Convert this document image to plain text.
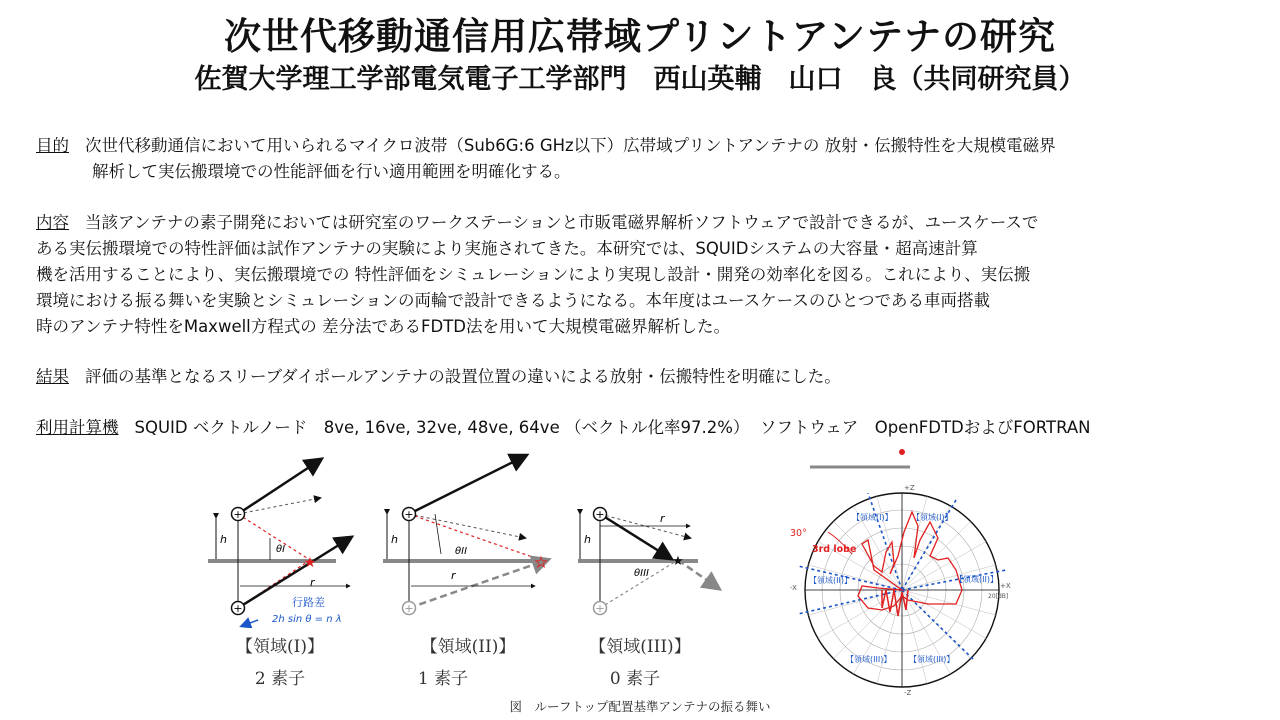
次世代移動通信用広帯域プリントアンテナの研究
佐賀大学理工学部電気電子工学部門　西山英輔　山口　良（共同研究員）
目的 次世代移動通信において用いられるマイクロ波帯（Sub6G:6 GHz以下）広帯域プリントアンテナの 放射・伝搬特性を大規模電磁界
解析して実伝搬環境での性能評価を行い適用範囲を明確化する。
内容 当該アンテナの素子開発においては研究室のワークステーションと市販電磁界解析ソフトウェアで設計できるが、ユースケースで
ある実伝搬環境での特性評価は試作アンテナの実験により実施されてきた。本研究では、SQUIDシステムの大容量・超高速計算
機を活用することにより、実伝搬環境での 特性評価をシミュレーションにより実現し設計・開発の効率化を図る。これにより、実伝搬
環境における振る舞いを実験とシミュレーションの両輪で設計できるようになる。本年度はユースケースのひとつである車両搭載
時のアンテナ特性をMaxwell方程式の 差分法であるFDTD法を用いて大規模電磁界解析した。
結果 評価の基準となるスリーブダイポールアンテナの設置位置の違いによる放射・伝搬特性を明確にした。
利用計算機 SQUID ベクトルノード　8ve, 16ve, 32ve, 48ve, 64ve （ベクトル化率97.2%）  ソフトウェア　OpenFDTDおよびFORTRAN
h
θI
★
r
+
+	行路差
2h sin θ = n λ
h
θII
★
r
+
+
h
r
θIII
★
+
+
【領域(I)】
2 素子
【領域(II)】
1 素子
【領域(III)】
0 素子
30°
3rd lobe
+Z
-Z
-X	+X
20[dB]
【領域(I)】 【領域(I)】
【領域(II)】	【領域(II)】
【領域(III)】 【領域(III)】
図　ルーフトップ配置基準アンテナの振る舞い
